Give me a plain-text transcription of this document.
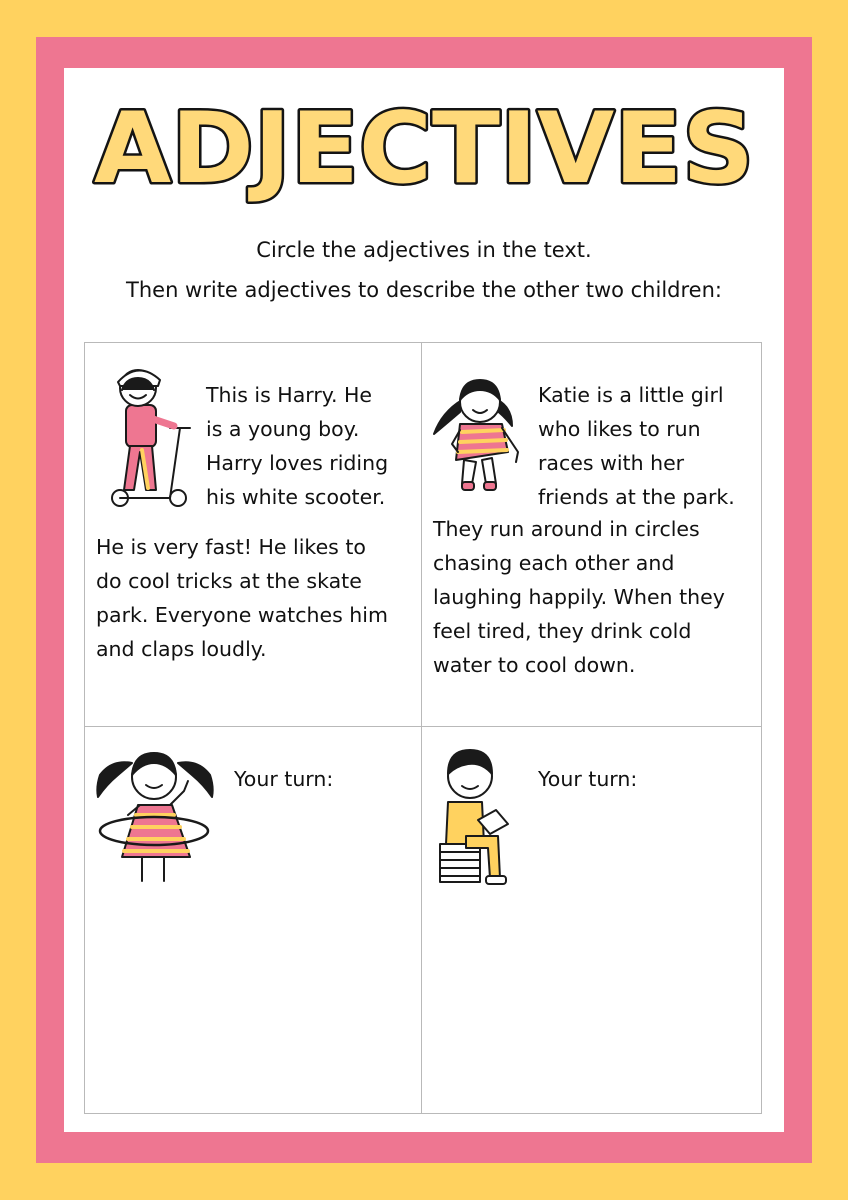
ADJECTIVES
Circle the adjectives in the text.
Then write adjectives to describe the other two children:
This is Harry. He
is a young boy.
Harry loves riding
his white scooter.
He is very fast! He likes to
do cool tricks at the skate
park. Everyone watches him
and claps loudly.
Katie is a little girl
who likes to run
races with her
friends at the park.
They run around in circles
chasing each other and
laughing happily. When they
feel tired, they drink cold
water to cool down.
Your turn:	Your turn:
